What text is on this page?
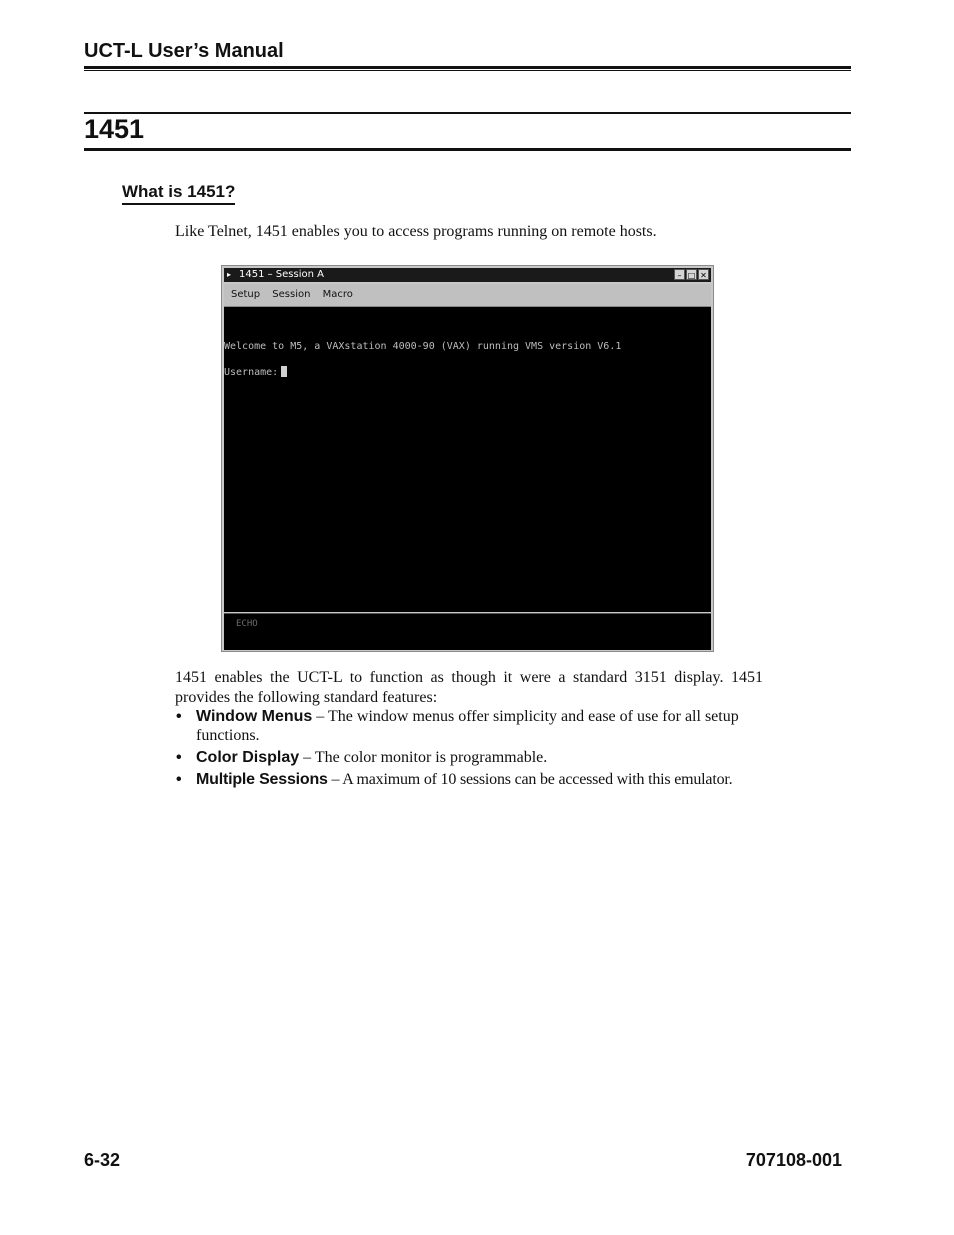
UCT-L User’s Manual
1451
What is 1451?
Like Telnet, 1451 enables you to access programs running on remote hosts.
▸ 1451 – Session A	– □ ✕
Setup Session Macro
Welcome to M5, a VAXstation 4000-90 (VAX) running VMS version V6.1
Username:
ECHO
1451 enables the UCT-L to function as though it were a standard 3151 display. 1451 provides the following standard features:
• Window Menus – The window menus offer simplicity and ease of use for all setup functions.
• Color Display – The color monitor is programmable.
• Multiple Sessions – A maximum of 10 sessions can be accessed with this emulator.
6-32	707108-001
